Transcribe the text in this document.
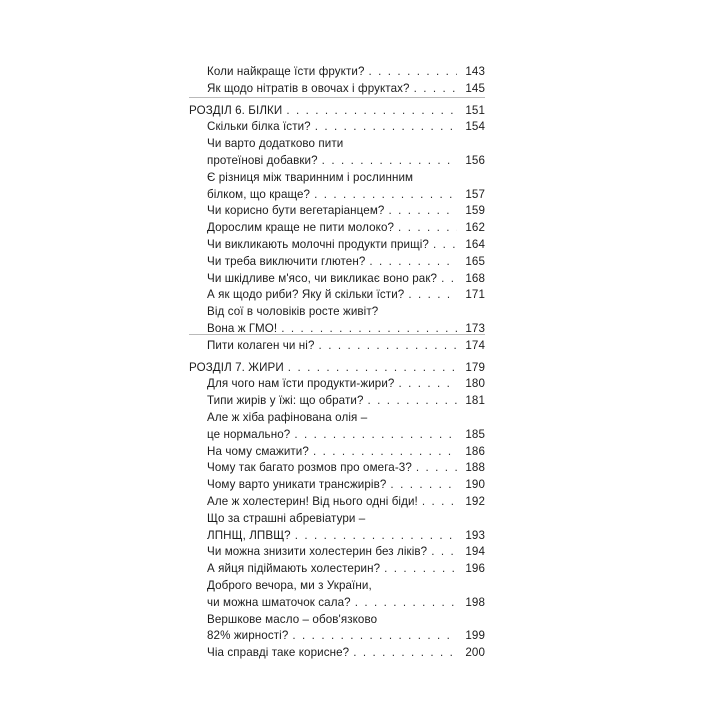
Коли найкраще їсти фрукти? . . .	143
Як щодо нітратів в овочах і фруктах? . . .	145
РОЗДІЛ 6. БІЛКИ . . .	151
Скільки білка їсти? . . .	154
Чи варто додатково пити
протеїнові добавки? . . .	156
Є різниця між тваринним і рослинним
білком, що краще? . . .	157
Чи корисно бути вегетаріанцем? . . .	159
Дорослим краще не пити молоко? . . .	162
Чи викликають молочні продукти прищі? . . .	164
Чи треба виключити глютен? . . .	165
Чи шкідливе м'ясо, чи викликає воно рак? . . .	168
А як щодо риби? Яку й скільки їсти? . . .	171
Від сої в чоловіків росте живіт?
Вона ж ГМО! . . .	173
Пити колаген чи ні? . . .	174
РОЗДІЛ 7. ЖИРИ . . .	179
Для чого нам їсти продукти-жири? . . .	180
Типи жирів у їжі: що обрати? . . .	181
Але ж хіба рафінована олія –
це нормально? . . .	185
На чому смажити? . . .	186
Чому так багато розмов про омега-3? . . .	188
Чому варто уникати трансжирів? . . .	190
Але ж холестерин! Від нього одні біди! . . .	192
Що за страшні абревіатури –
ЛПНЩ, ЛПВЩ? . . .	193
Чи можна знизити холестерин без ліків? . . .	194
А яйця підіймають холестерин? . . .	196
Доброго вечора, ми з України,
чи можна шматочок сала? . . .	198
Вершкове масло – обов'язково
82% жирності? . . .	199
Чіа справді таке корисне? . . .	200
